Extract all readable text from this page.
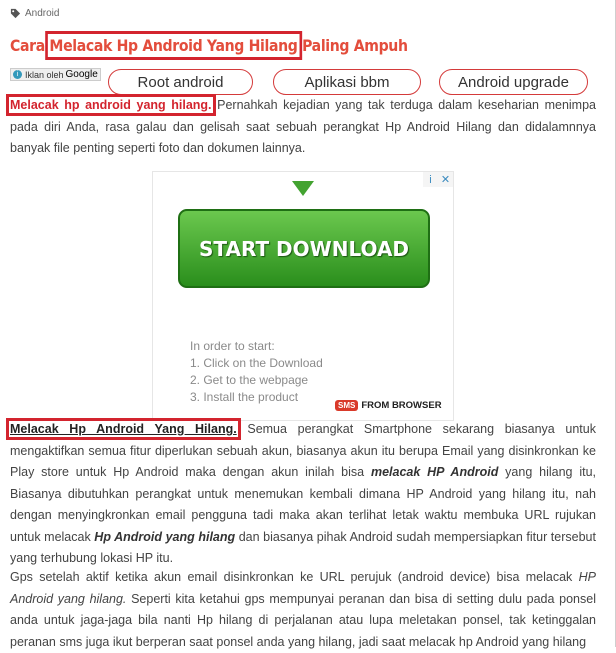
Android
Cara Melacak Hp Android Yang Hilang Paling Ampuh
i Iklan oleh Google	Root android	Aplikasi bbm	Android upgrade

Melacak hp android yang hilang. Pernahkah kejadian yang tak terduga dalam keseharian menimpa pada diri Anda, rasa galau dan gelisah saat sebuah perangkat Hp Android Hilang dan didalamnnya banyak file penting seperti foto dan dokumen lainnya.

i ✕
START DOWNLOAD
In order to start:
1. Click on the Download
2. Get to the webpage
3. Install the product
SMS FROM BROWSER

Melacak Hp Android Yang Hilang. Semua perangkat Smartphone sekarang biasanya untuk mengaktifkan semua fitur diperlukan sebuah akun, biasanya akun itu berupa Email yang disinkronkan ke Play store untuk Hp Android maka dengan akun inilah bisa melacak HP Android yang hilang itu, Biasanya dibutuhkan perangkat untuk menemukan kembali dimana HP Android yang hilang itu, nah dengan menyingkronkan email pengguna tadi maka akan terlihat letak waktu membuka URL rujukan untuk melacak Hp Android yang hilang dan biasanya pihak Android sudah mempersiapkan fitur tersebut yang terhubung lokasi HP itu.

Gps setelah aktif ketika akun email disinkronkan ke URL perujuk (android device) bisa melacak HP Android yang hilang. Seperti kita ketahui gps mempunyai peranan dan bisa di setting dulu pada ponsel anda untuk jaga-jaga bila nanti Hp hilang di perjalanan atau lupa meletakan ponsel, tak ketinggalan peranan sms juga ikut berperan saat ponsel anda yang hilang, jadi saat melacak hp Android yang hilang
